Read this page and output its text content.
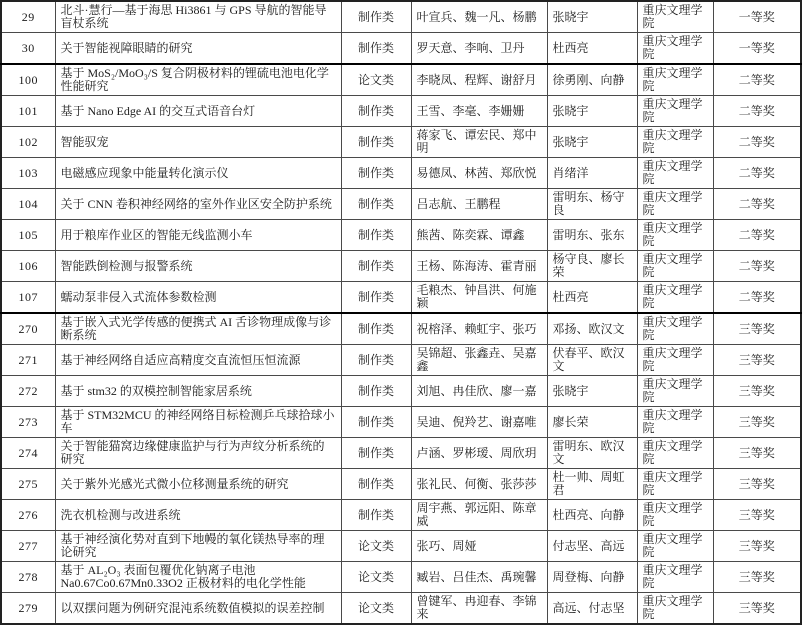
29	北斗·慧行—基于海思 Hi3861 与 GPS 导航的智能导盲杖系统	制作类	叶宣兵、魏一凡、杨鹏	张晓宇	重庆文理学院	一等奖
30	关于智能视障眼睛的研究	制作类	罗天意、李响、卫丹	杜西亮	重庆文理学院	一等奖
100	基于 MoS₂/MoO₃/S 复合阴极材料的锂硫电池电化学性能研究	论文类	李晓凤、程辉、谢舒月	徐勇刚、向静	重庆文理学院	二等奖
101	基于 Nano Edge AI 的交互式语音台灯	制作类	王雪、李毫、李姗姗	张晓宇	重庆文理学院	二等奖
102	智能驭宠	制作类	蒋家飞、谭宏民、郑中明	张晓宇	重庆文理学院	二等奖
103	电磁感应现象中能量转化演示仪	制作类	易德凤、林茜、郑欣悦	肖绪洋	重庆文理学院	二等奖
104	关于 CNN 卷积神经网络的室外作业区安全防护系统	制作类	吕志航、王鹏程	雷明东、杨守良	重庆文理学院	二等奖
105	用于粮库作业区的智能无线监测小车	制作类	熊茜、陈奕霖、谭鑫	雷明东、张东	重庆文理学院	二等奖
106	智能跌倒检测与报警系统	制作类	王杨、陈海涛、霍青丽	杨守良、廖长荣	重庆文理学院	二等奖
107	蠕动泵非侵入式流体参数检测	制作类	毛粮杰、钟昌洪、何施颖	杜西亮	重庆文理学院	二等奖
270	基于嵌入式光学传感的便携式 AI 舌诊物理成像与诊断系统	制作类	祝榕泽、赖虹宇、张巧	邓扬、欧汉文	重庆文理学院	三等奖
271	基于神经网络自适应高精度交直流恒压恒流源	制作类	吴锦超、张鑫垚、吴嘉鑫	伏春平、欧汉文	重庆文理学院	三等奖
272	基于 stm32 的双模控制智能家居系统	制作类	刘旭、冉佳欣、廖一嘉	张晓宇	重庆文理学院	三等奖
273	基于 STM32MCU 的神经网络目标检测乒乓球拾球小车	制作类	吴迪、倪羚艺、谢嘉唯	廖长荣	重庆文理学院	三等奖
274	关于智能猫窝边缘健康监护与行为声纹分析系统的研究	制作类	卢涵、罗彬瑷、周欣玥	雷明东、欧汉文	重庆文理学院	三等奖
275	关于紫外光感光式微小位移测量系统的研究	制作类	张礼民、何衡、张莎莎	杜一帅、周虹君	重庆文理学院	三等奖
276	洗衣机检测与改进系统	制作类	周宇燕、郭远阳、陈章威	杜西亮、向静	重庆文理学院	三等奖
277	基于神经演化势对直到下地幔的氧化镁热导率的理论研究	论文类	张巧、周娅	付志坚、高远	重庆文理学院	三等奖
278	基于 AL₂O₃ 表面包覆优化钠离子电池 Na0.67Co0.67Mn0.33O2 正极材料的电化学性能	论文类	臧岩、吕佳杰、禹琬馨	周登梅、向静	重庆文理学院	三等奖
279	以双摆问题为例研究混沌系统数值模拟的误差控制	论文类	曾键军、冉迎春、李锦来	高远、付志坚	重庆文理学院	三等奖
